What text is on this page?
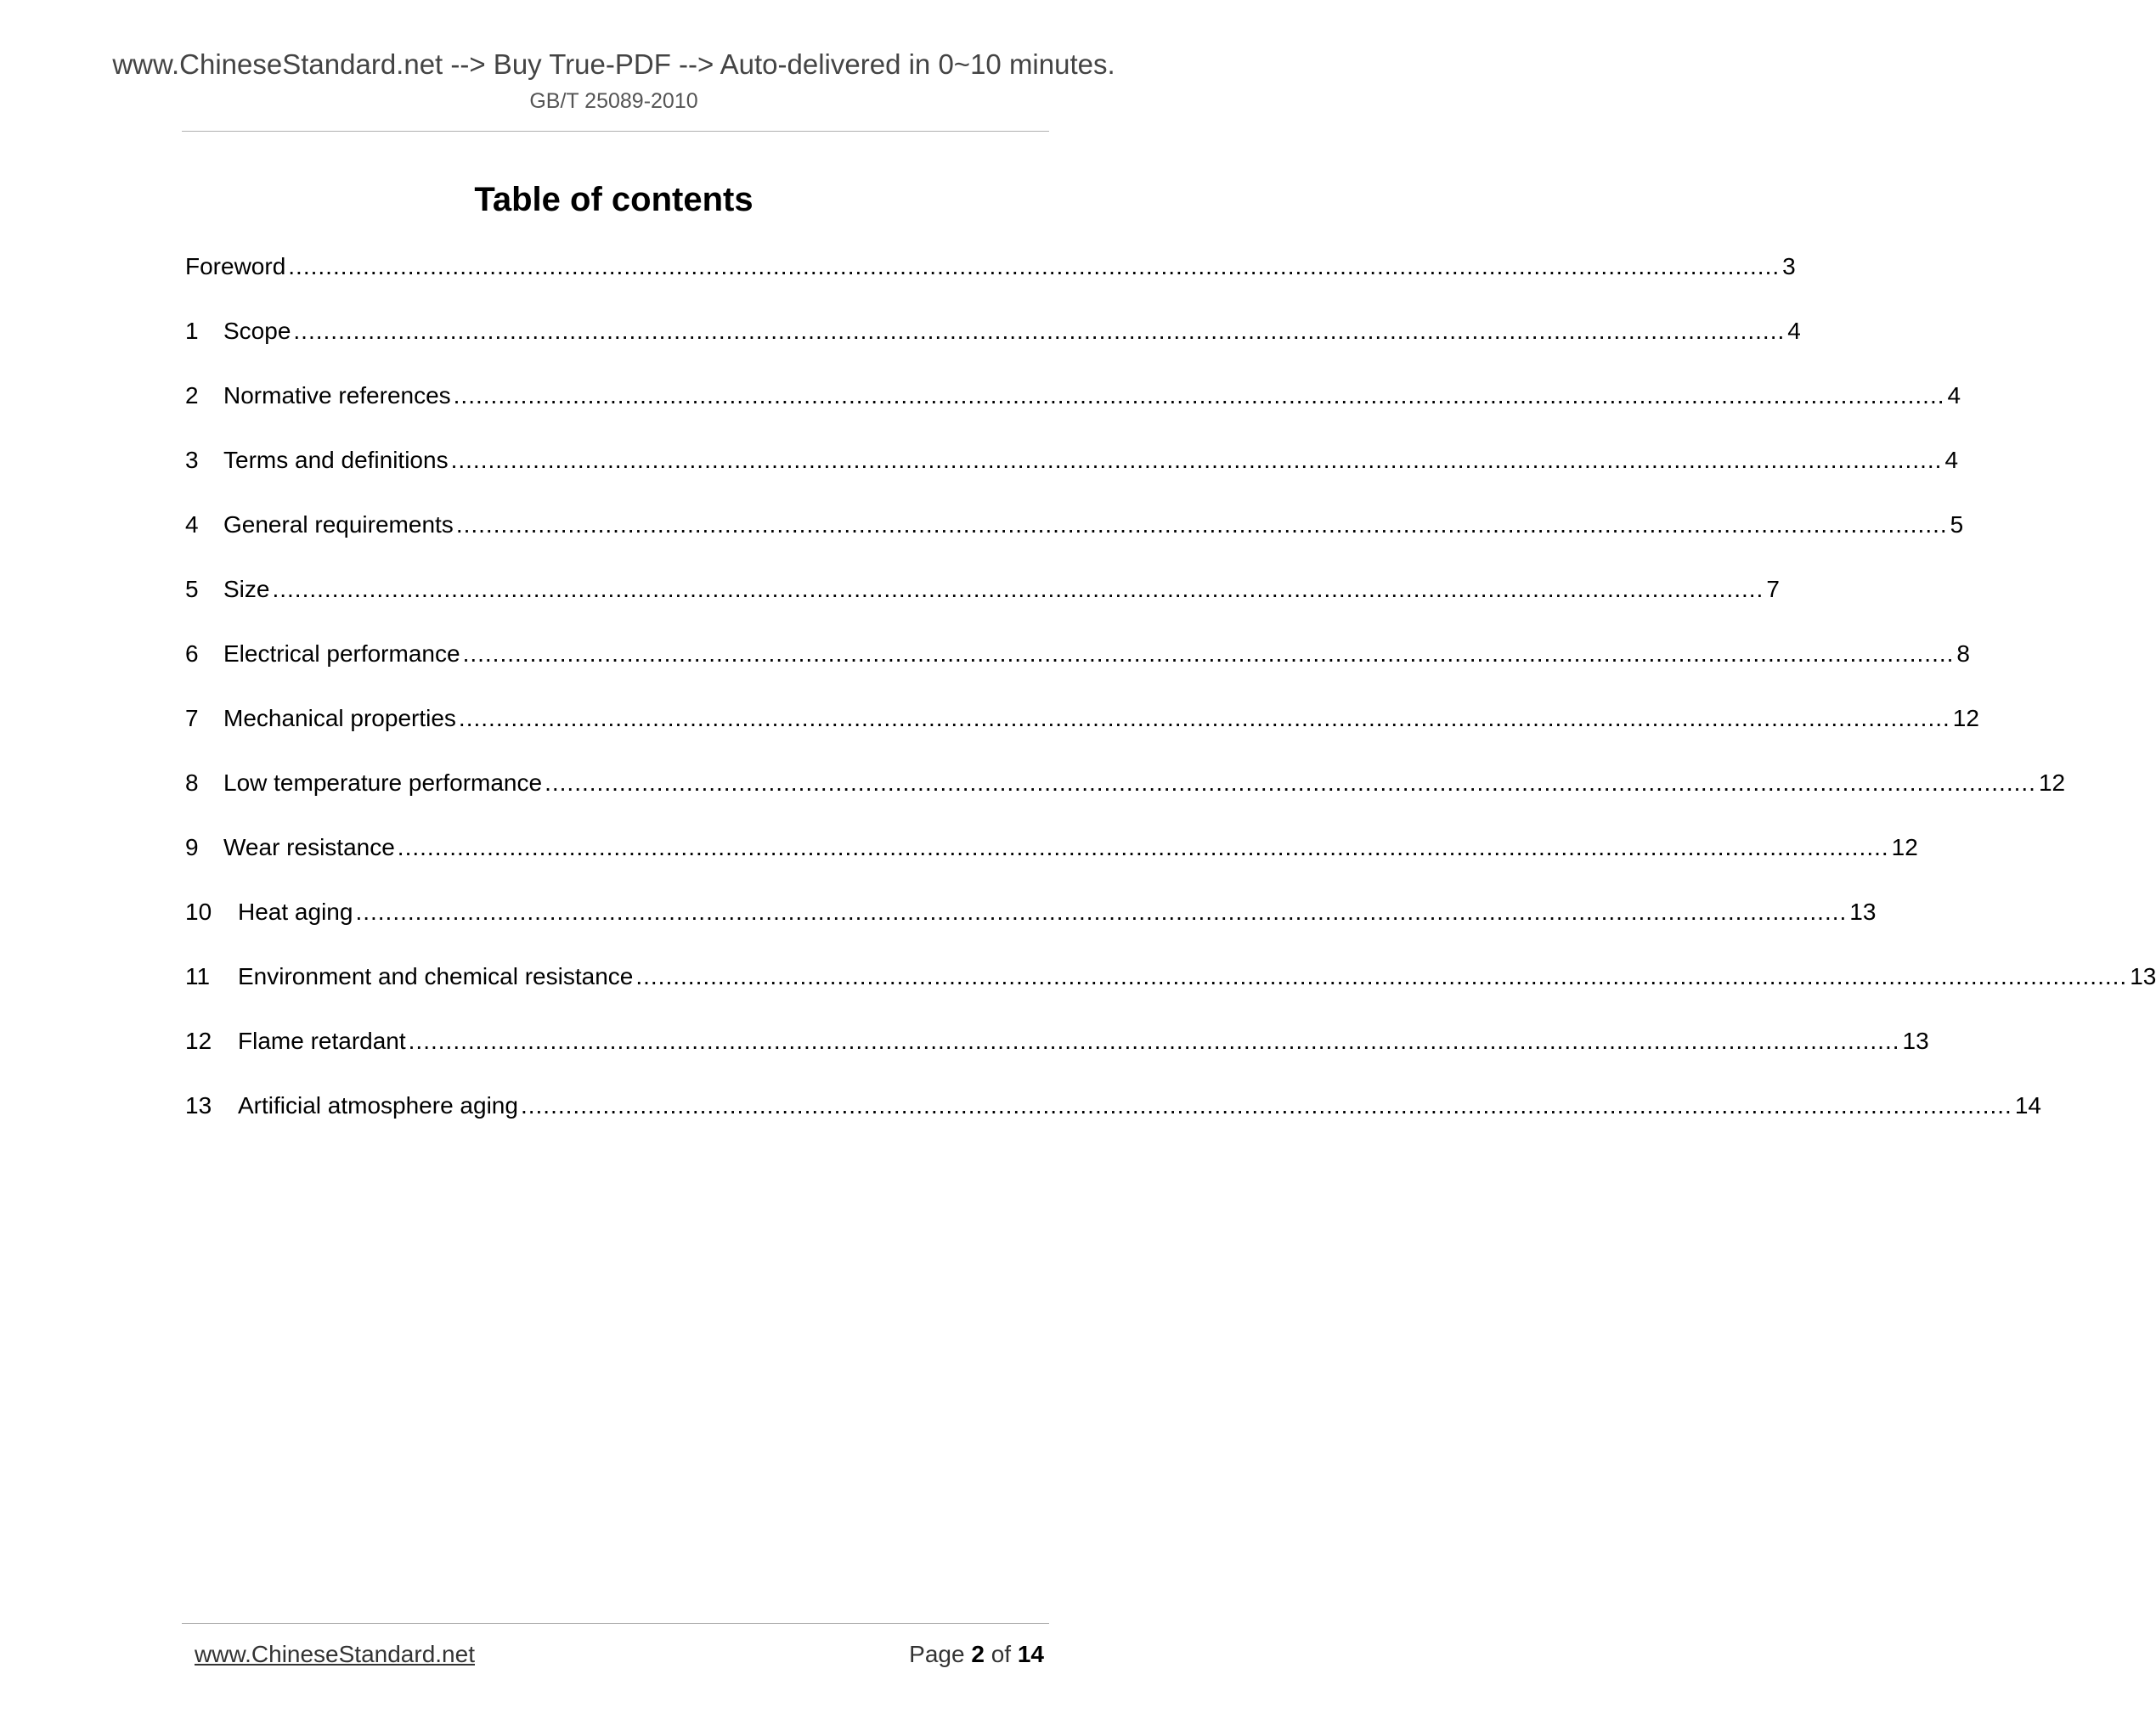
www.ChineseStandard.net --> Buy True-PDF --> Auto-delivered in 0~10 minutes.
GB/T 25089-2010
Table of contents
Foreword ........................................................................................................................................................................................................ 3
1	Scope ........................................................................................................................................................................................................ 4
2	Normative references ........................................................................................................................................................................................................ 4
3	Terms and definitions ........................................................................................................................................................................................................ 4
4	General requirements ........................................................................................................................................................................................................ 5
5	Size ........................................................................................................................................................................................................ 7
6	Electrical performance ........................................................................................................................................................................................................ 8
7	Mechanical properties ........................................................................................................................................................................................................ 12
8	Low temperature performance ........................................................................................................................................................................................................ 12
9	Wear resistance ........................................................................................................................................................................................................ 12
10	Heat aging ........................................................................................................................................................................................................ 13
11	Environment and chemical resistance ........................................................................................................................................................................................................ 13
12	Flame retardant ........................................................................................................................................................................................................ 13
13	Artificial atmosphere aging ........................................................................................................................................................................................................ 14
www.ChineseStandard.net	Page 2 of 14
